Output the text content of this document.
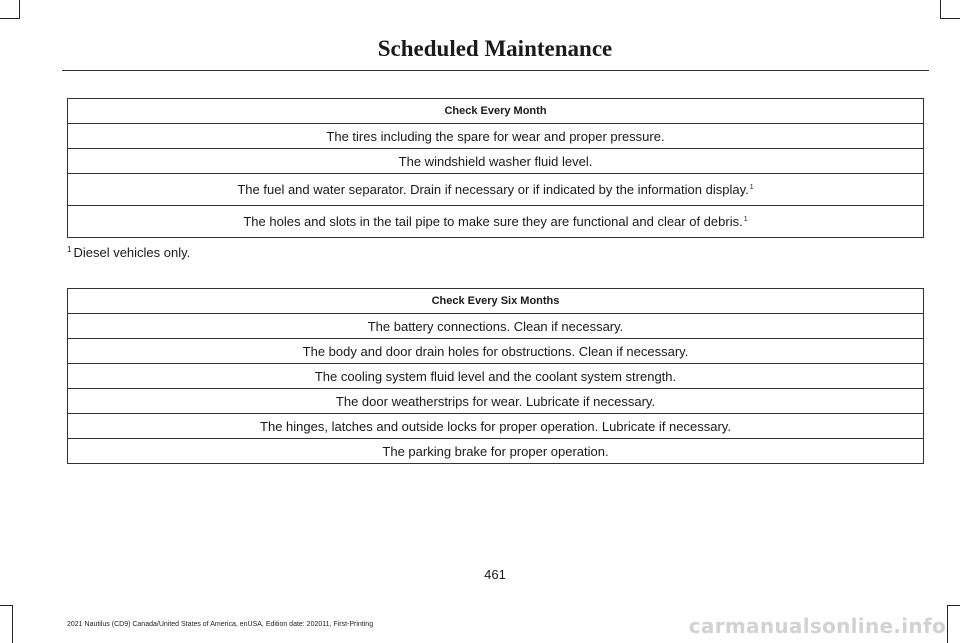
Scheduled Maintenance
Check Every Month
The tires including the spare for wear and proper pressure.
The windshield washer fluid level.
The fuel and water separator. Drain if necessary or if indicated by the information display.$^1$
The holes and slots in the tail pipe to make sure they are functional and clear of debris.$^1$
$^1$ Diesel vehicles only.
Check Every Six Months
The battery connections. Clean if necessary.
The body and door drain holes for obstructions. Clean if necessary.
The cooling system fluid level and the coolant system strength.
The door weatherstrips for wear. Lubricate if necessary.
The hinges, latches and outside locks for proper operation. Lubricate if necessary.
The parking brake for proper operation.
461
2021 Nautilus (CD9) Canada/United States of America, enUSA, Edition date: 202011, First-Printing	carmanualsonline.info
